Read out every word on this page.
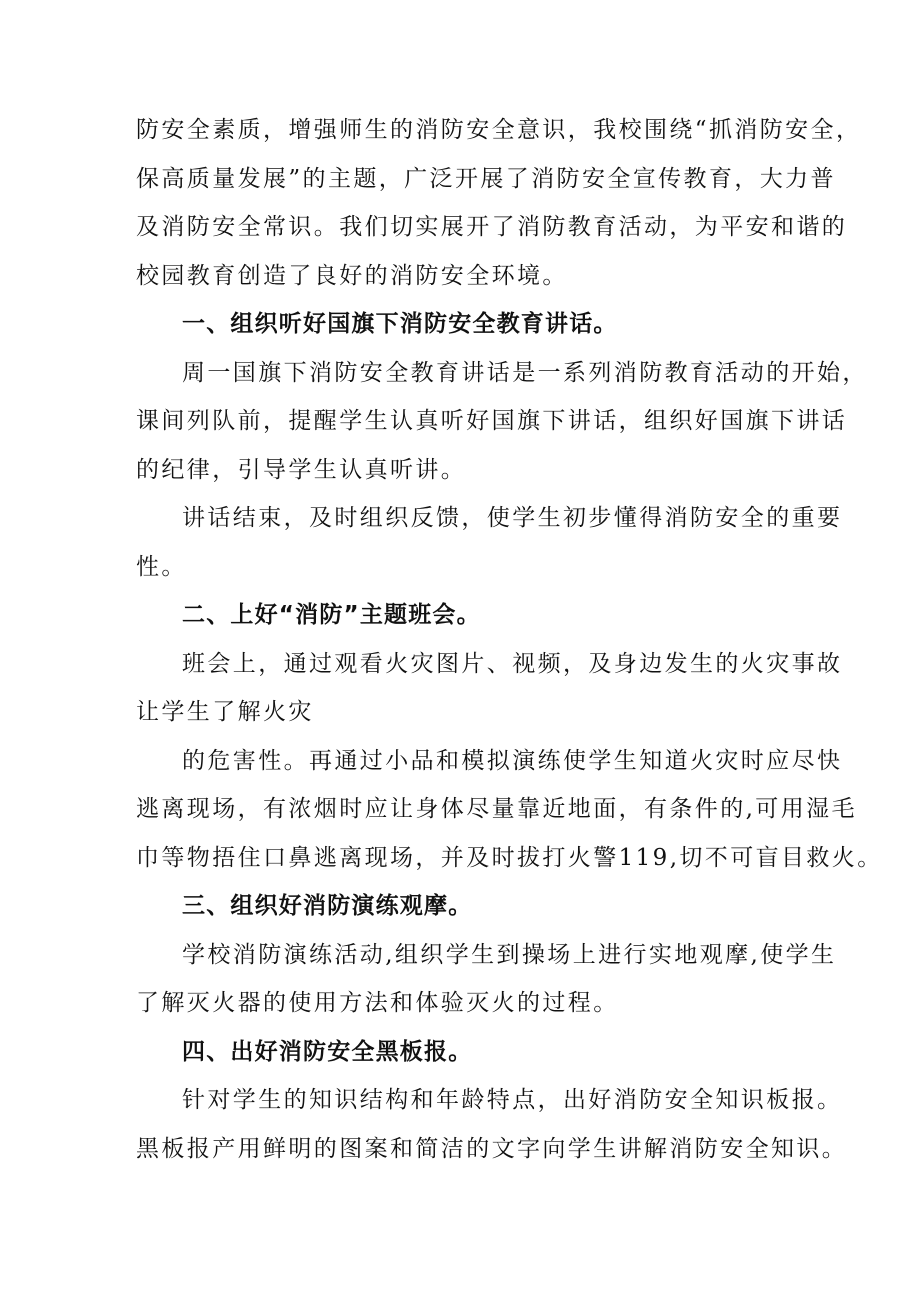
防安全素质，增强师生的消防安全意识，我校围绕“抓消防安全，
保高质量发展”的主题，广泛开展了消防安全宣传教育，大力普
及消防安全常识。我们切实展开了消防教育活动，为平安和谐的
校园教育创造了良好的消防安全环境。
一、组织听好国旗下消防安全教育讲话。
周一国旗下消防安全教育讲话是一系列消防教育活动的开始，
课间列队前，提醒学生认真听好国旗下讲话，组织好国旗下讲话
的纪律，引导学生认真听讲。
讲话结束，及时组织反馈，使学生初步懂得消防安全的重要
性。
二、上好“消防”主题班会。
班会上，通过观看火灾图片、视频，及身边发生的火灾事故
让学生了解火灾
的危害性。再通过小品和模拟演练使学生知道火灾时应尽快
逃离现场，有浓烟时应让身体尽量靠近地面，有条件的,可用湿毛
巾等物捂住口鼻逃离现场，并及时拔打火警119,切不可盲目救火。
三、组织好消防演练观摩。
学校消防演练活动,组织学生到操场上进行实地观摩,使学生
了解灭火器的使用方法和体验灭火的过程。
四、出好消防安全黑板报。
针对学生的知识结构和年龄特点，出好消防安全知识板报。
黑板报产用鲜明的图案和简洁的文字向学生讲解消防安全知识。
